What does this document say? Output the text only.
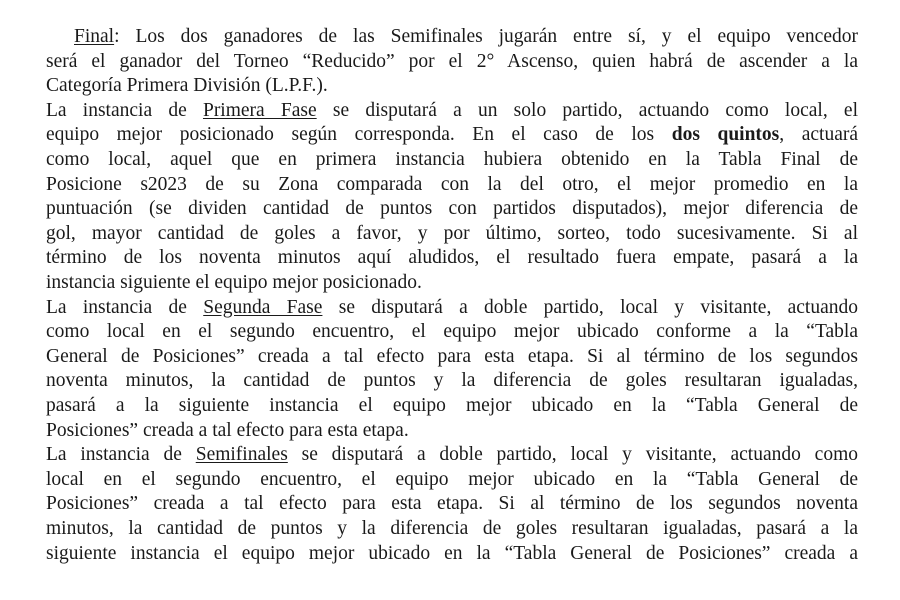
Final: Los dos ganadores de las Semifinales jugarán entre sí, y el equipo vencedor
será el ganador del Torneo “Reducido” por el 2° Ascenso, quien habrá de ascender a la
Categoría Primera División (L.P.F.).
La instancia de Primera Fase se disputará a un solo partido, actuando como local, el
equipo mejor posicionado según corresponda. En el caso de los dos quintos, actuará
como local, aquel que en primera instancia hubiera obtenido en la Tabla Final de
Posicione s2023 de su Zona comparada con la del otro, el mejor promedio en la
puntuación (se dividen cantidad de puntos con partidos disputados), mejor diferencia de
gol, mayor cantidad de goles a favor, y por último, sorteo, todo sucesivamente. Si al
término de los noventa minutos aquí aludidos, el resultado fuera empate, pasará a la
instancia siguiente el equipo mejor posicionado.
La instancia de Segunda Fase se disputará a doble partido, local y visitante, actuando
como local en el segundo encuentro, el equipo mejor ubicado conforme a la “Tabla
General de Posiciones” creada a tal efecto para esta etapa. Si al término de los segundos
noventa minutos, la cantidad de puntos y la diferencia de goles resultaran igualadas,
pasará a la siguiente instancia el equipo mejor ubicado en la “Tabla General de
Posiciones” creada a tal efecto para esta etapa.
La instancia de Semifinales se disputará a doble partido, local y visitante, actuando como
local en el segundo encuentro, el equipo mejor ubicado en la “Tabla General de
Posiciones” creada a tal efecto para esta etapa. Si al término de los segundos noventa
minutos, la cantidad de puntos y la diferencia de goles resultaran igualadas, pasará a la
siguiente instancia el equipo mejor ubicado en la “Tabla General de Posiciones” creada a
